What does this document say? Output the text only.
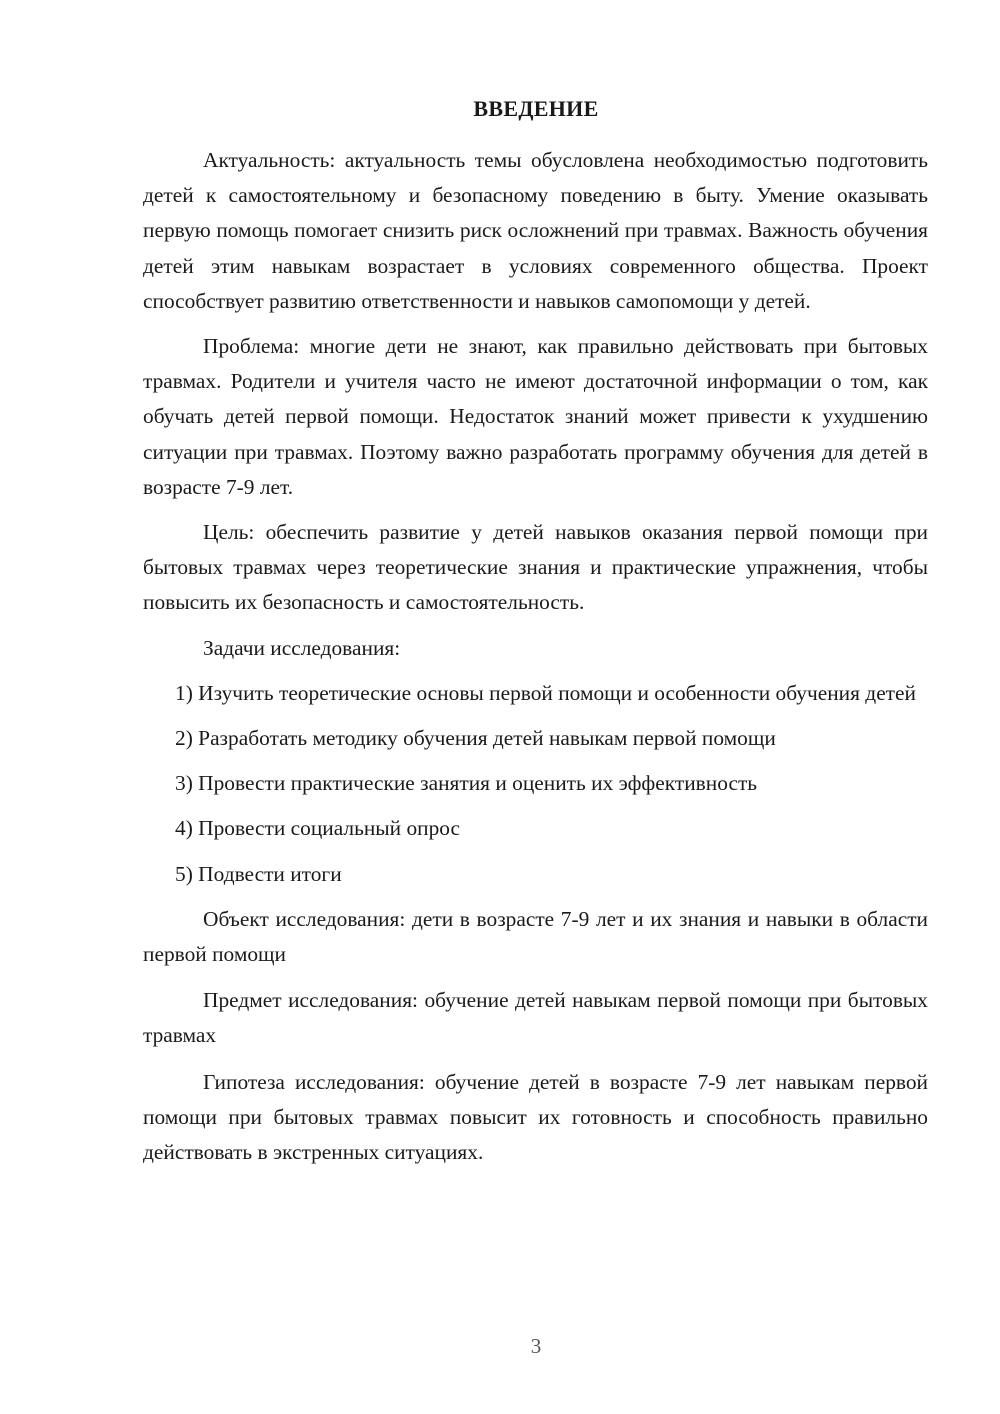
ВВЕДЕНИЕ

Актуальность: актуальность темы обусловлена необходимостью подготовить детей к самостоятельному и безопасному поведению в быту. Умение оказывать первую помощь помогает снизить риск осложнений при травмах. Важность обучения детей этим навыкам возрастает в условиях современного общества. Проект способствует развитию ответственности и навыков самопомощи у детей.

Проблема: многие дети не знают, как правильно действовать при бытовых травмах. Родители и учителя часто не имеют достаточной информации о том, как обучать детей первой помощи. Недостаток знаний может привести к ухудшению ситуации при травмах. Поэтому важно разработать программу обучения для детей в возрасте 7-9 лет.

Цель: обеспечить развитие у детей навыков оказания первой помощи при бытовых травмах через теоретические знания и практические упражнения, чтобы повысить их безопасность и самостоятельность.

Задачи исследования:

1) Изучить теоретические основы первой помощи и особенности обучения детей
2) Разработать методику обучения детей навыкам первой помощи
3) Провести практические занятия и оценить их эффективность
4) Провести социальный опрос
5) Подвести итоги

Объект исследования: дети в возрасте 7-9 лет и их знания и навыки в области первой помощи

Предмет исследования: обучение детей навыкам первой помощи при бытовых травмах

Гипотеза исследования: обучение детей в возрасте 7-9 лет навыкам первой помощи при бытовых травмах повысит их готовность и способность правильно действовать в экстренных ситуациях.

3
